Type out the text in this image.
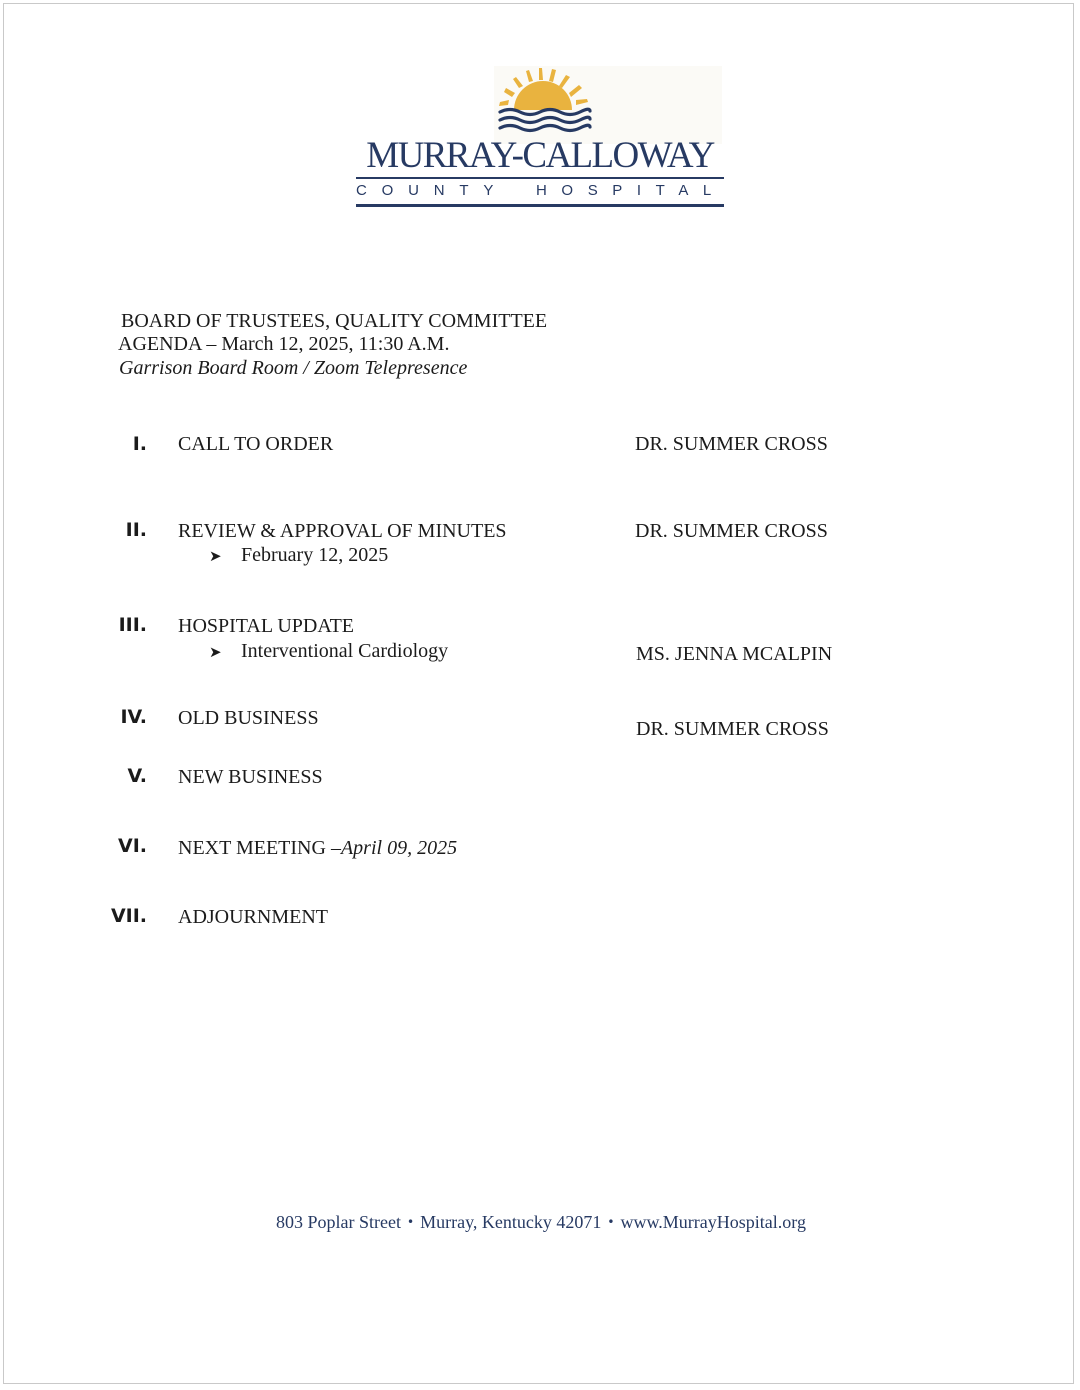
MURRAY-CALLOWAY
COUNTY HOSPITAL
BOARD OF TRUSTEES, QUALITY COMMITTEE
AGENDA – March 12, 2025, 11:30 A.M.
Garrison Board Room / Zoom Telepresence
I. CALL TO ORDER	DR. SUMMER CROSS
II. REVIEW & APPROVAL OF MINUTES	DR. SUMMER CROSS
➤ February 12, 2025
III. HOSPITAL UPDATE
➤ Interventional Cardiology	MS. JENNA MCALPIN
IV. OLD BUSINESS	DR. SUMMER CROSS
V. NEW BUSINESS
VI. NEXT MEETING –April 09, 2025
VII. ADJOURNMENT
803 Poplar Street • Murray, Kentucky 42071 • www.MurrayHospital.org
